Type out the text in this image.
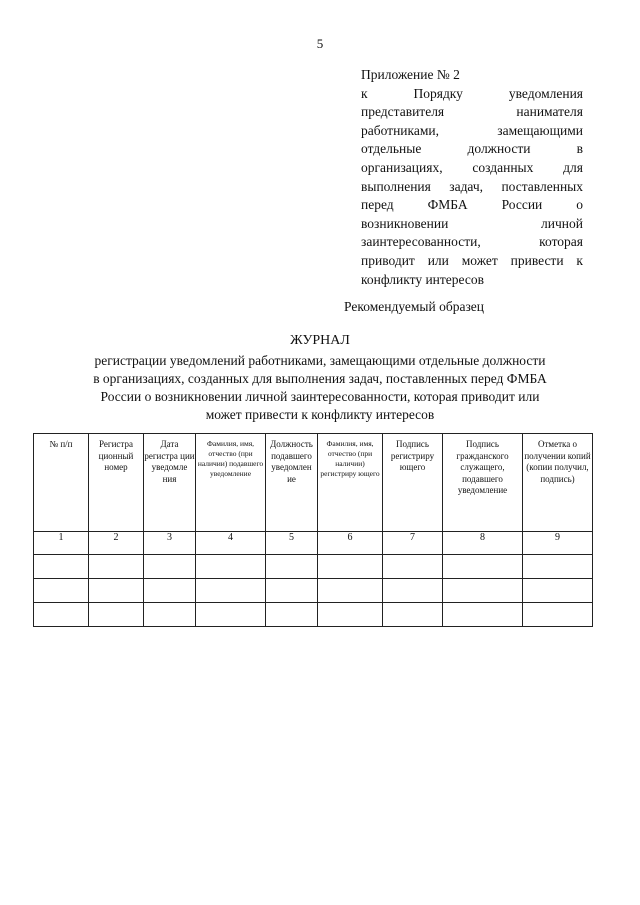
5
Приложение № 2
к Порядку уведомления
представителя нанимателя
работниками, замещающими
отдельные должности в
организациях, созданных для
выполнения задач, поставленных
перед ФМБА России о
возникновении личной
заинтересованности, которая
приводит или может привести к
конфликту интересов
Рекомендуемый образец
ЖУРНАЛ
регистрации уведомлений работниками, замещающими отдельные должности в организациях, созданных для выполнения задач, поставленных перед ФМБА России о возникновении личной заинтересованности, которая приводит или может привести к конфликту интересов
№ п/п	Регистра ционный номер	Дата регистра ции уведомле ния	Фамилия, имя, отчество (при наличии) подавшего уведомление	Должность подавшего уведомлен ие	Фамилия, имя, отчество (при наличии) регистриру ющего	Подпись регистриру ющего	Подпись гражданского служащего, подавшего уведомление	Отметка о получении копий (копии получил, подпись)
1	2	3	4	5	6	7	8	9
